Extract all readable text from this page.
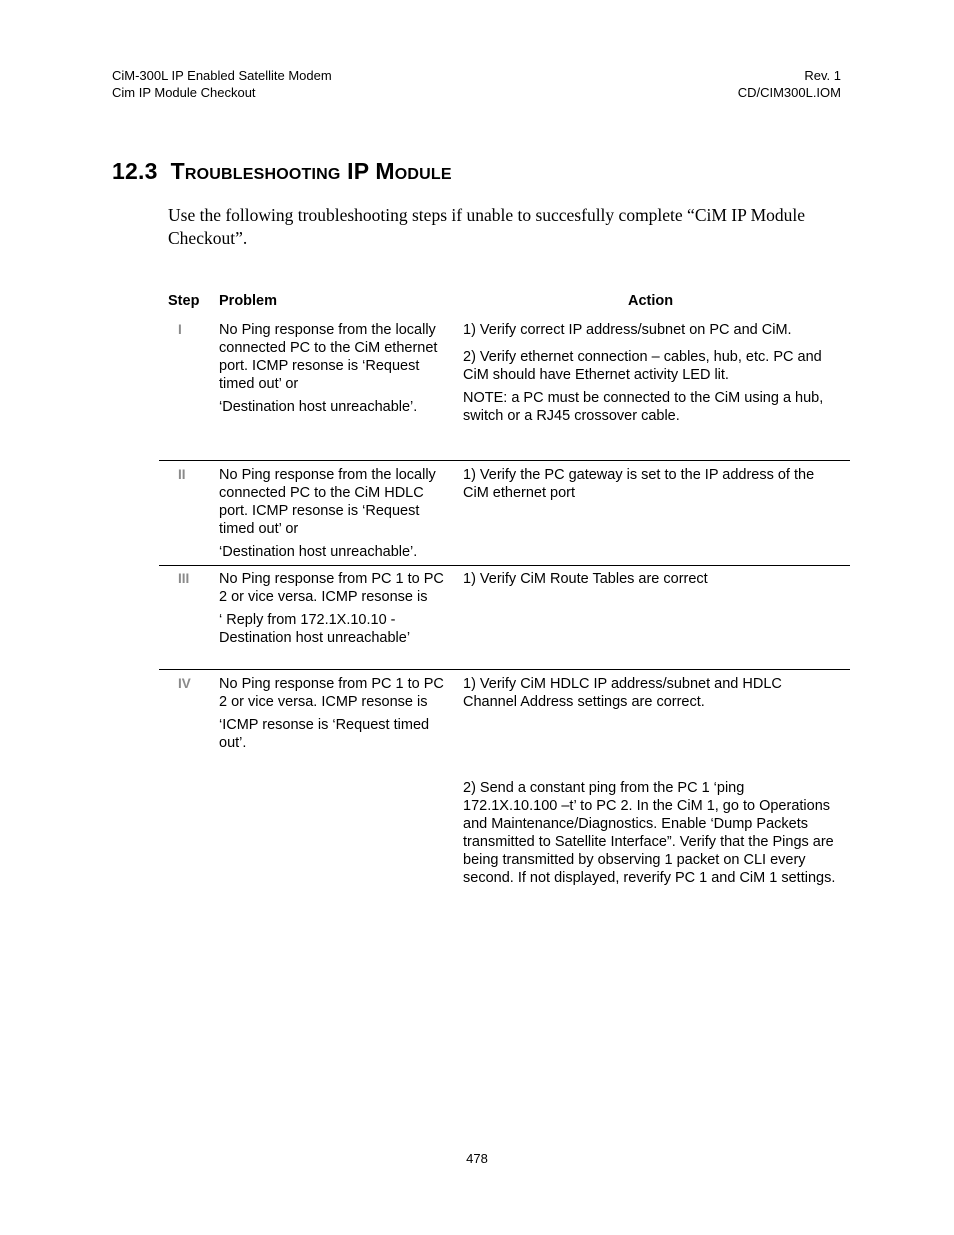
CiM-300L IP Enabled Satellite Modem
Cim IP Module Checkout
Rev. 1
CD/CIM300L.IOM
12.3 Troubleshooting IP Module
Use the following troubleshooting steps if unable to succesfully complete “CiM IP Module Checkout”.
Step Problem	Action
I	No Ping response from the locally connected PC to the CiM ethernet port. ICMP resonse is ‘Request timed out’ or

‘Destination host unreachable’.

1) Verify correct IP address/subnet on PC and CiM.

2) Verify ethernet connection – cables, hub, etc. PC and CiM should have Ethernet activity LED lit.

NOTE: a PC must be connected to the CiM using a hub, switch or a RJ45 crossover cable.

II No Ping response from the locally connected PC to the CiM HDLC port. ICMP resonse is ‘Request timed out’ or

‘Destination host unreachable’.

1) Verify the PC gateway is set to the IP address of the CiM ethernet port

III No Ping response from PC 1 to PC 2 or vice versa. ICMP resonse is

‘ Reply from 172.1X.10.10 - Destination host unreachable’

1) Verify CiM Route Tables are correct

IV No Ping response from PC 1 to PC 2 or vice versa. ICMP resonse is

‘ICMP resonse is ‘Request timed out’.

1) Verify CiM HDLC IP address/subnet and HDLC Channel Address settings are correct.

2) Send a constant ping from the PC 1 ‘ping 172.1X.10.100 –t’ to PC 2. In the CiM 1, go to Operations and Maintenance/Diagnostics. Enable ‘Dump Packets transmitted to Satellite Interface”. Verify that the Pings are being transmitted by observing 1 packet on CLI every second. If not displayed, reverify PC 1 and CiM 1 settings.

478
